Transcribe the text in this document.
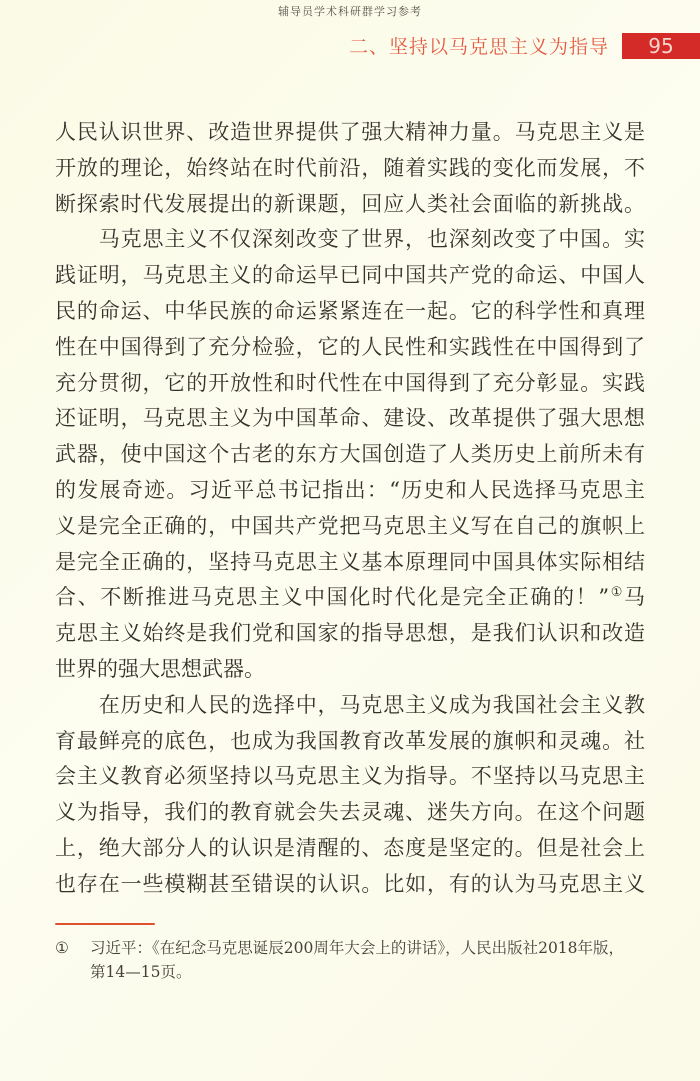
辅导员学术科研群学习参考
二、坚持以马克思主义为指导 95
人民认识世界、改造世界提供了强大精神力量。马克思主义是
开放的理论，始终站在时代前沿，随着实践的变化而发展，不
断探索时代发展提出的新课题，回应人类社会面临的新挑战。
　　马克思主义不仅深刻改变了世界，也深刻改变了中国。实
践证明，马克思主义的命运早已同中国共产党的命运、中国人
民的命运、中华民族的命运紧紧连在一起。它的科学性和真理
性在中国得到了充分检验，它的人民性和实践性在中国得到了
充分贯彻，它的开放性和时代性在中国得到了充分彰显。实践
还证明，马克思主义为中国革命、建设、改革提供了强大思想
武器，使中国这个古老的东方大国创造了人类历史上前所未有
的发展奇迹。习近平总书记指出：“历史和人民选择马克思主
义是完全正确的，中国共产党把马克思主义写在自己的旗帜上
是完全正确的，坚持马克思主义基本原理同中国具体实际相结
合、不断推进马克思主义中国化时代化是完全正确的！”①马
克思主义始终是我们党和国家的指导思想，是我们认识和改造
世界的强大思想武器。
　　在历史和人民的选择中，马克思主义成为我国社会主义教
育最鲜亮的底色，也成为我国教育改革发展的旗帜和灵魂。社
会主义教育必须坚持以马克思主义为指导。不坚持以马克思主
义为指导，我们的教育就会失去灵魂、迷失方向。在这个问题
上，绝大部分人的认识是清醒的、态度是坚定的。但是社会上
也存在一些模糊甚至错误的认识。比如，有的认为马克思主义
①	习近平：《在纪念马克思诞辰200周年大会上的讲话》，人民出版社2018年版，
第14—15页。
